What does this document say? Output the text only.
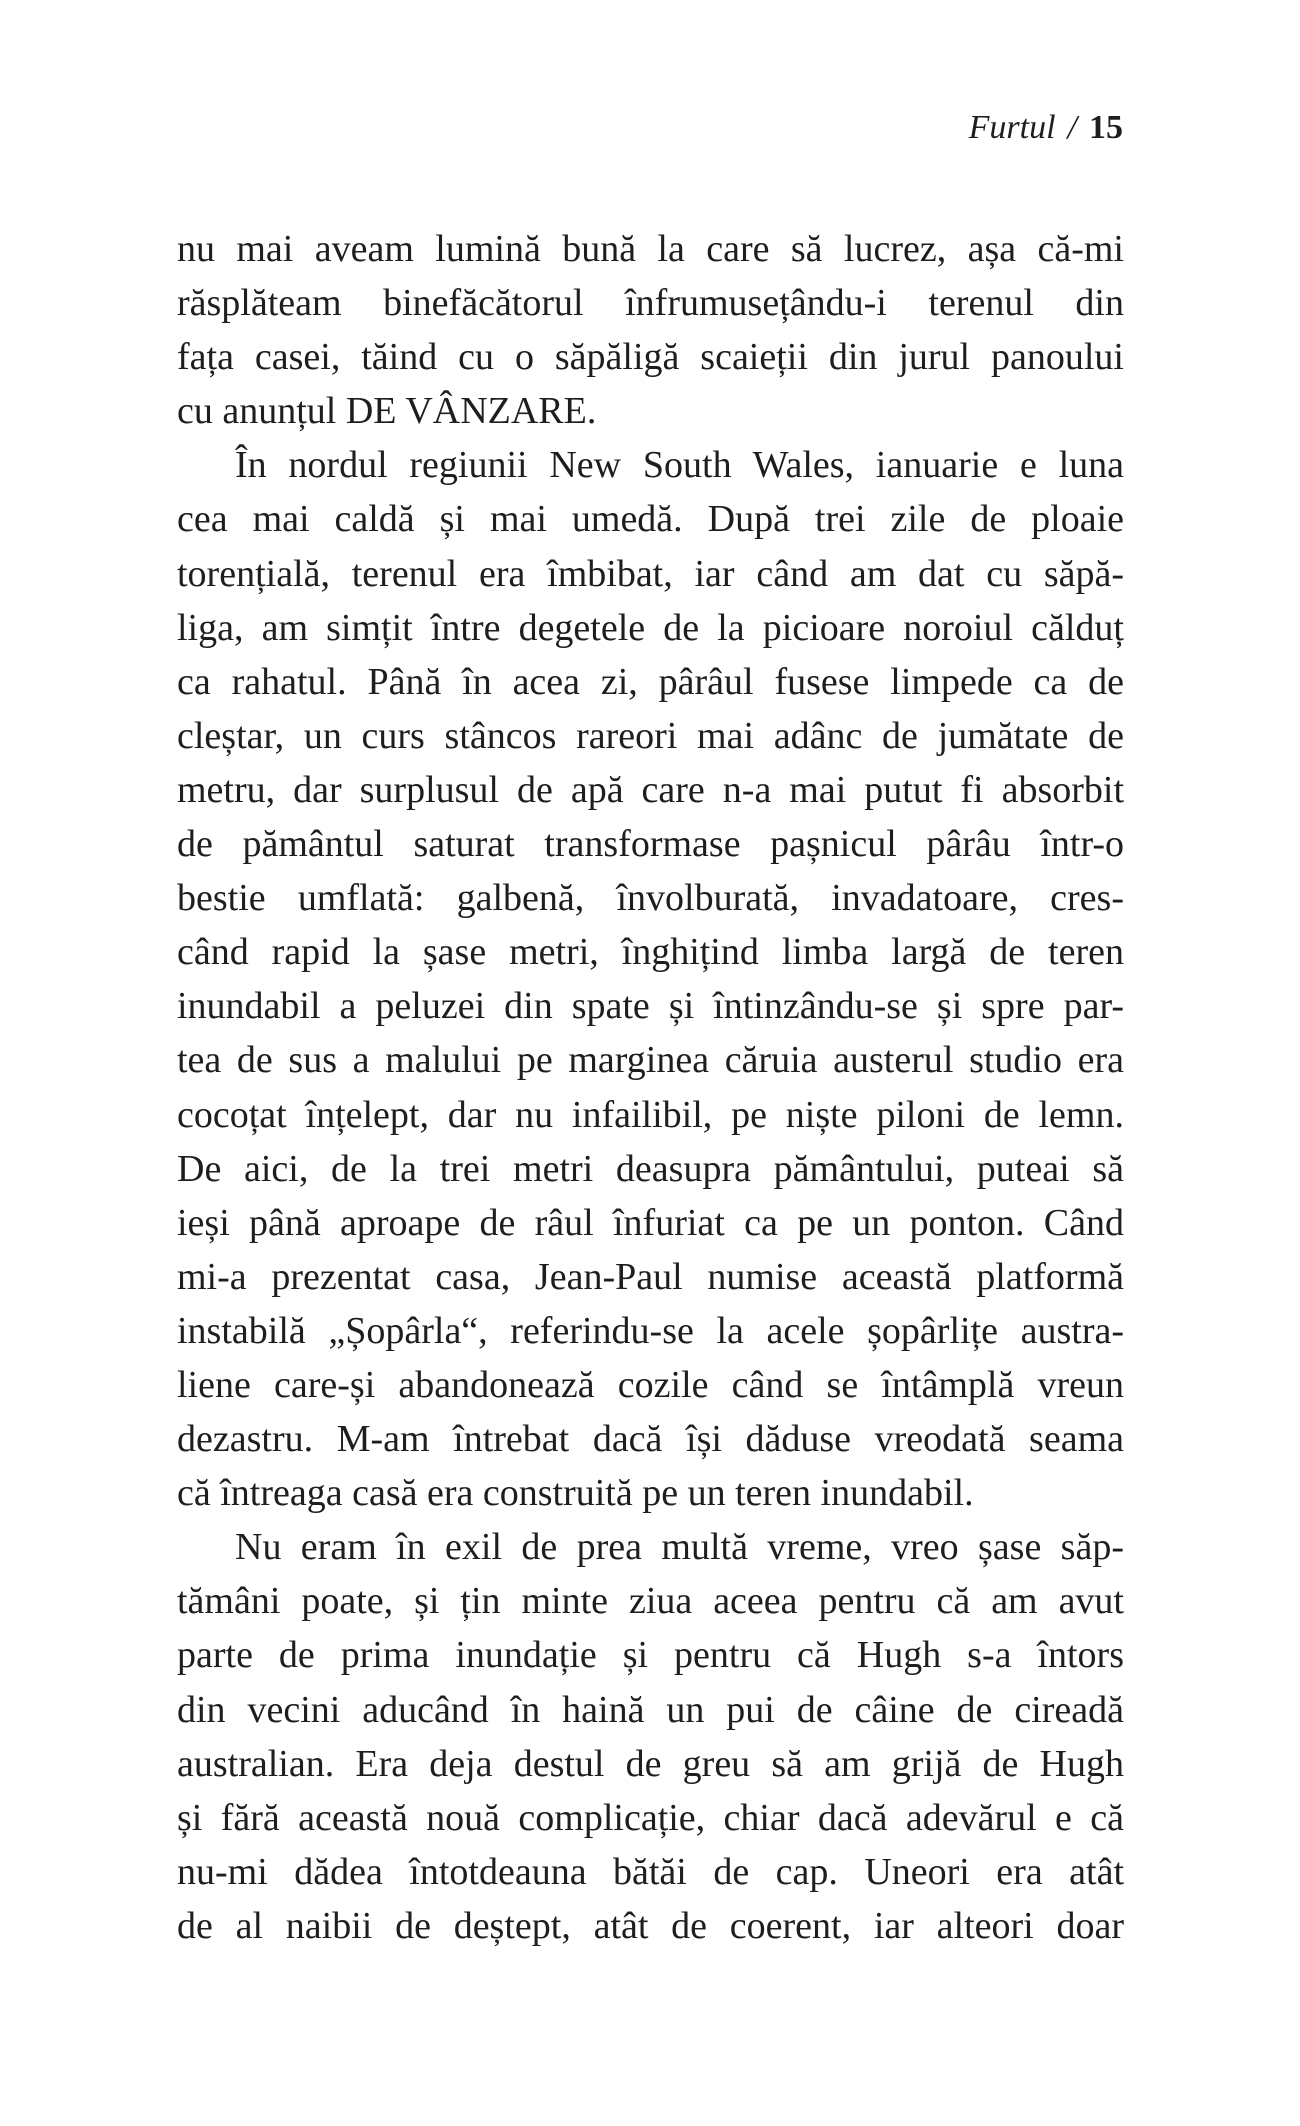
Furtul / 15
nu mai aveam lumină bună la care să lucrez, așa că-mi
răsplăteam binefăcătorul înfrumusețându-i terenul din
fața casei, tăind cu o săpăligă scaieții din jurul panoului
cu anunțul DE VÂNZARE.
În nordul regiunii New South Wales, ianuarie e luna
cea mai caldă și mai umedă. După trei zile de ploaie
torențială, terenul era îmbibat, iar când am dat cu săpă-
liga, am simțit între degetele de la picioare noroiul călduț
ca rahatul. Până în acea zi, pârâul fusese limpede ca de
cleștar, un curs stâncos rareori mai adânc de jumătate de
metru, dar surplusul de apă care n-a mai putut fi absorbit
de pământul saturat transformase pașnicul pârâu într-o
bestie umflată: galbenă, învolburată, invadatoare, cres-
când rapid la șase metri, înghițind limba largă de teren
inundabil a peluzei din spate și întinzându-se și spre par-
tea de sus a malului pe marginea căruia austerul studio era
cocoțat înțelept, dar nu infailibil, pe niște piloni de lemn.
De aici, de la trei metri deasupra pământului, puteai să
ieși până aproape de râul înfuriat ca pe un ponton. Când
mi-a prezentat casa, Jean-Paul numise această platformă
instabilă „Șopârla“, referindu-se la acele șopârlițe austra-
liene care-și abandonează cozile când se întâmplă vreun
dezastru. M-am întrebat dacă își dăduse vreodată seama
că întreaga casă era construită pe un teren inundabil.
Nu eram în exil de prea multă vreme, vreo șase săp-
tămâni poate, și țin minte ziua aceea pentru că am avut
parte de prima inundație și pentru că Hugh s-a întors
din vecini aducând în haină un pui de câine de cireadă
australian. Era deja destul de greu să am grijă de Hugh
și fără această nouă complicație, chiar dacă adevărul e că
nu-mi dădea întotdeauna bătăi de cap. Uneori era atât
de al naibii de deștept, atât de coerent, iar alteori doar
